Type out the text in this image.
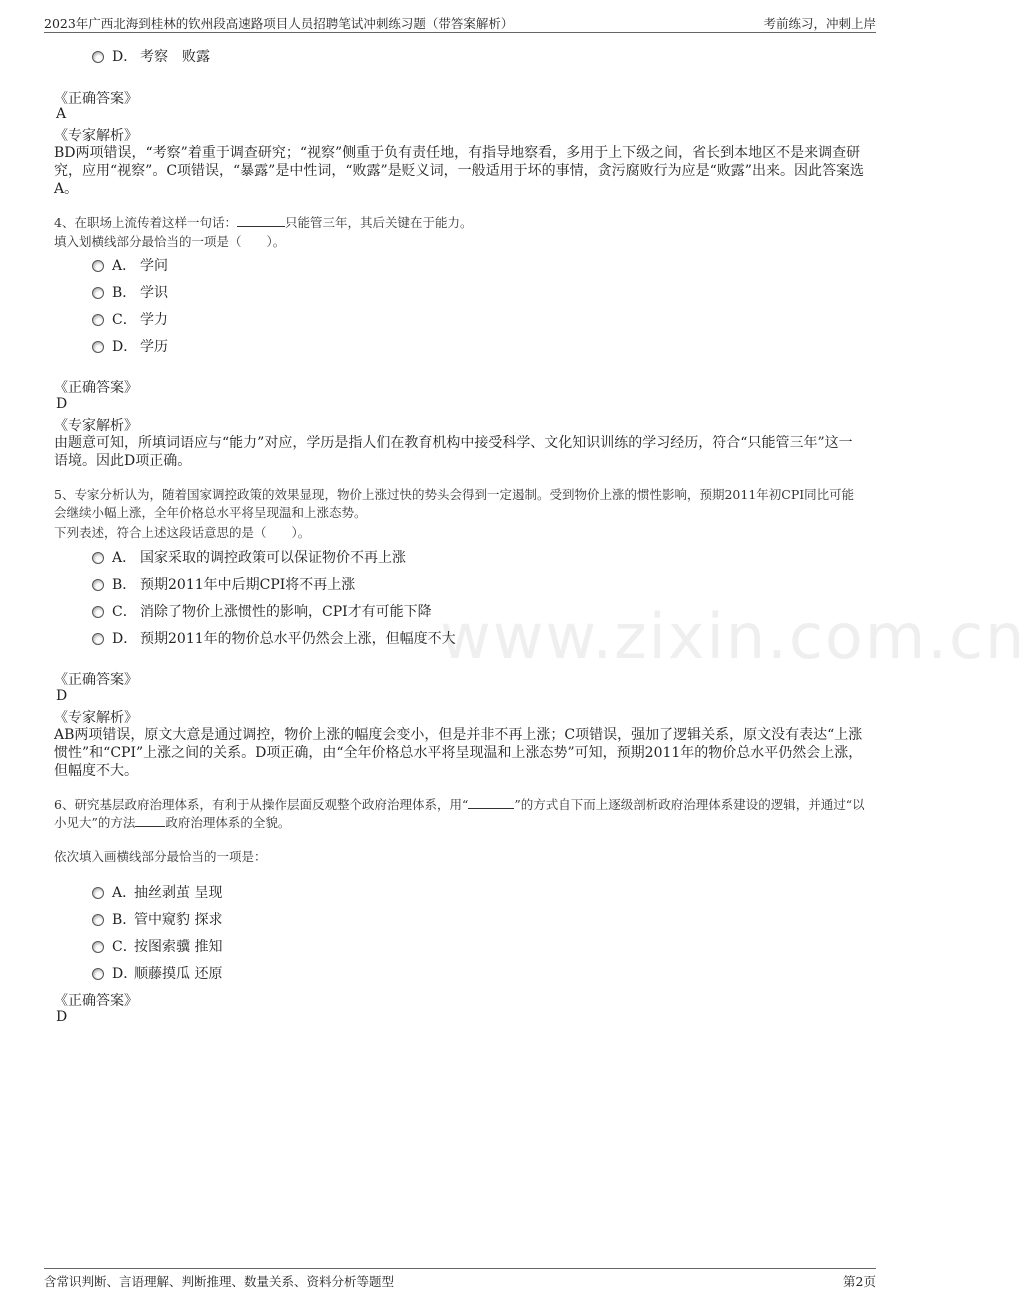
2023年广西北海到桂林的钦州段高速路项目人员招聘笔试冲刺练习题（带答案解析）	考前练习，冲刺上岸
www.zixin.com.cn
D． 考察　败露
《正确答案》
A
《专家解析》
BD两项错误，“考察”着重于调查研究；“视察”侧重于负有责任地，有指导地察看，多用于上下级之间，省长到本地区不是来调查研究，应用“视察”。C项错误，“暴露”是中性词，“败露”是贬义词，一般适用于坏的事情，贪污腐败行为应是“败露”出来。因此答案选A。
4、在职场上流传着这样一句话：	只能管三年，其后关键在于能力。
填入划横线部分最恰当的一项是（　　）。
A． 学问
B． 学识
C． 学力
D． 学历
《正确答案》
D
《专家解析》
由题意可知，所填词语应与“能力”对应，学历是指人们在教育机构中接受科学、文化知识训练的学习经历，符合“只能管三年”这一语境。因此D项正确。
5、专家分析认为，随着国家调控政策的效果显现，物价上涨过快的势头会得到一定遏制。受到物价上涨的惯性影响，预期2011年初CPI同比可能会继续小幅上涨，全年价格总水平将呈现温和上涨态势。
下列表述，符合上述这段话意思的是（　　）。
A． 国家采取的调控政策可以保证物价不再上涨
B． 预期2011年中后期CPI将不再上涨
C． 消除了物价上涨惯性的影响，CPI才有可能下降
D． 预期2011年的物价总水平仍然会上涨，但幅度不大
《正确答案》
D
《专家解析》
AB两项错误，原文大意是通过调控，物价上涨的幅度会变小，但是并非不再上涨；C项错误，强加了逻辑关系，原文没有表达“上涨惯性”和“CPI”上涨之间的关系。D项正确，由“全年价格总水平将呈现温和上涨态势”可知，预期2011年的物价总水平仍然会上涨，但幅度不大。
6、研究基层政府治理体系，有利于从操作层面反观整个政府治理体系，用“	”的方式自下而上逐级剖析政府治理体系建设的逻辑，并通过“以小见大”的方法 政府治理体系的全貌。
依次填入画横线部分最恰当的一项是：
A．抽丝剥茧 呈现
B．管中窥豹 探求
C．按图索骥 推知
D．顺藤摸瓜 还原
《正确答案》
D
含常识判断、言语理解、判断推理、数量关系、资料分析等题型	第2页
